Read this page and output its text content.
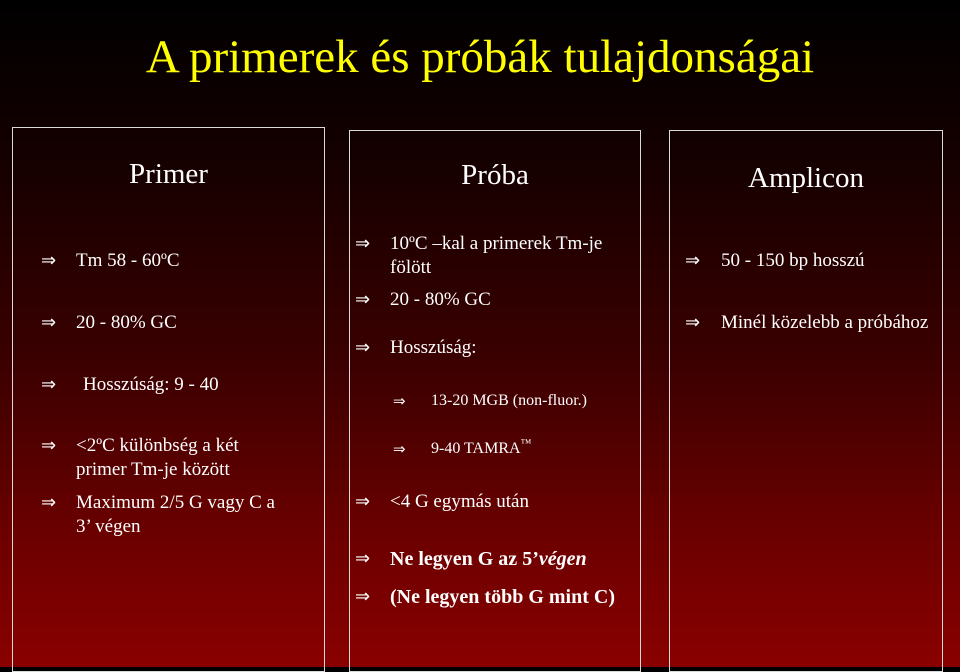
A primerek és próbák tulajdonságai
Primer
⇒	Tm 58 - 60ºC
⇒	20 - 80% GC
⇒	Hosszúság: 9 - 40
⇒	<2ºC különbség a két primer Tm-je között
⇒	Maximum 2/5 G vagy C a 3’ végen
Próba
⇒	10ºC –kal a primerek Tm-je fölött
⇒	20 - 80% GC
⇒	Hosszúság:
⇒	13-20 MGB (non-fluor.)
⇒	9-40 TAMRA™
⇒	<4 G egymás után
⇒ Ne legyen G az 5’végen
⇒ (Ne legyen több G mint C)
Amplicon
⇒	50 - 150 bp hosszú
⇒	Minél közelebb a próbához
